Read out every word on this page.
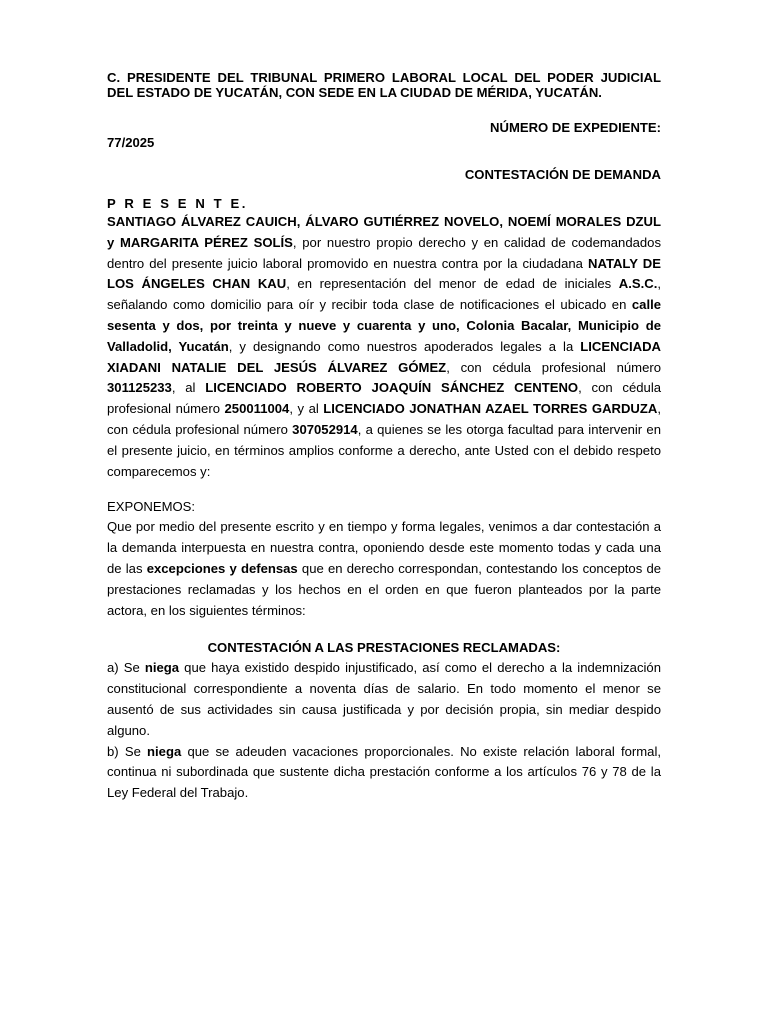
C. PRESIDENTE DEL TRIBUNAL PRIMERO LABORAL LOCAL DEL PODER JUDICIAL DEL ESTADO DE YUCATÁN, CON SEDE EN LA CIUDAD DE MÉRIDA, YUCATÁN.

NÚMERO DE EXPEDIENTE:
77/2025
CONTESTACIÓN DE DEMANDA
P R E S E N T E.

SANTIAGO ÁLVAREZ CAUICH, ÁLVARO GUTIÉRREZ NOVELO, NOEMÍ MORALES DZUL y MARGARITA PÉREZ SOLÍS, por nuestro propio derecho y en calidad de codemandados dentro del presente juicio laboral promovido en nuestra contra por la ciudadana NATALY DE LOS ÁNGELES CHAN KAU, en representación del menor de edad de iniciales A.S.C., señalando como domicilio para oír y recibir toda clase de notificaciones el ubicado en calle sesenta y dos, por treinta y nueve y cuarenta y uno, Colonia Bacalar, Municipio de Valladolid, Yucatán, y designando como nuestros apoderados legales a la LICENCIADA XIADANI NATALIE DEL JESÚS ÁLVAREZ GÓMEZ, con cédula profesional número 301125233, al LICENCIADO ROBERTO JOAQUÍN SÁNCHEZ CENTENO, con cédula profesional número 250011004, y al LICENCIADO JONATHAN AZAEL TORRES GARDUZA, con cédula profesional número 307052914, a quienes se les otorga facultad para intervenir en el presente juicio, en términos amplios conforme a derecho, ante Usted con el debido respeto comparecemos y:

EXPONEMOS:

Que por medio del presente escrito y en tiempo y forma legales, venimos a dar contestación a la demanda interpuesta en nuestra contra, oponiendo desde este momento todas y cada una de las excepciones y defensas que en derecho correspondan, contestando los conceptos de prestaciones reclamadas y los hechos en el orden en que fueron planteados por la parte actora, en los siguientes términos:

CONTESTACIÓN A LAS PRESTACIONES RECLAMADAS:

a) Se niega que haya existido despido injustificado, así como el derecho a la indemnización constitucional correspondiente a noventa días de salario. En todo momento el menor se ausentó de sus actividades sin causa justificada y por decisión propia, sin mediar despido alguno.

b) Se niega que se adeuden vacaciones proporcionales. No existe relación laboral formal, continua ni subordinada que sustente dicha prestación conforme a los artículos 76 y 78 de la Ley Federal del Trabajo.
